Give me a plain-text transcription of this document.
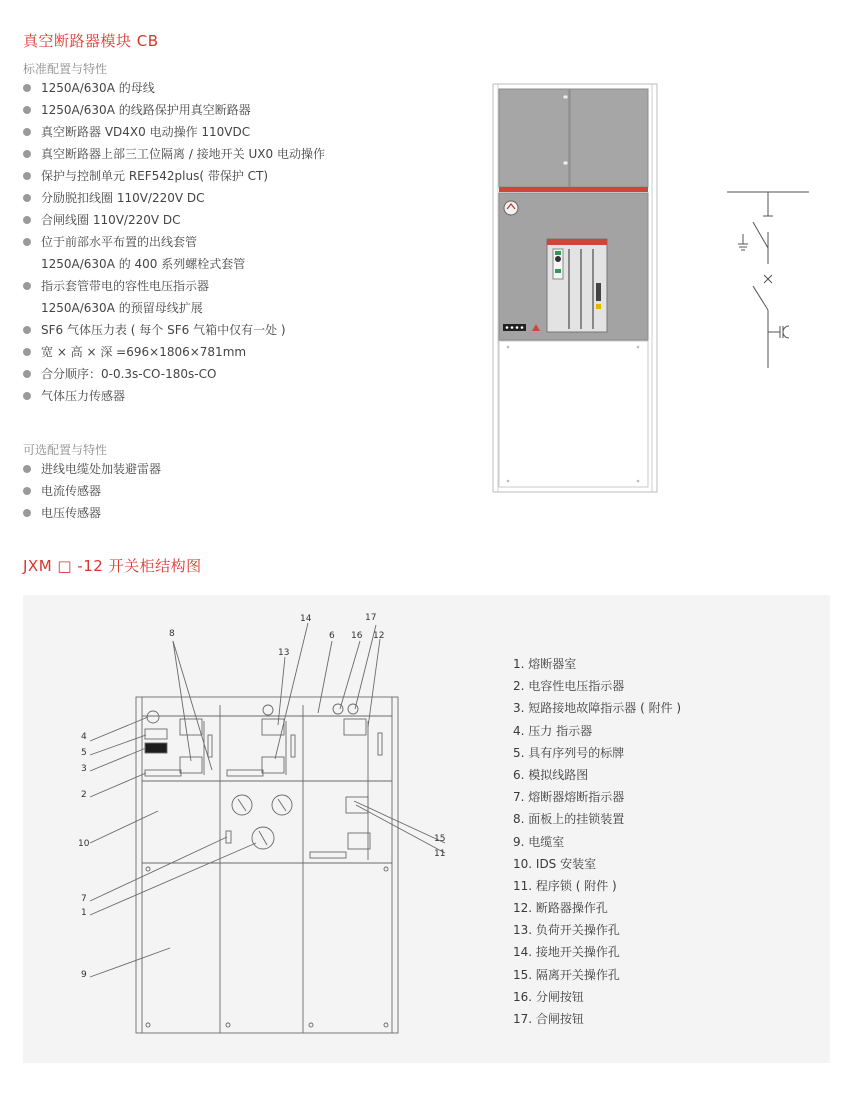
真空断路器模块 CB
标准配置与特性
1250A/630A 的母线
1250A/630A 的线路保护用真空断路器
真空断路器 VD4X0 电动操作 110VDC
真空断路器上部三工位隔离 / 接地开关 UX0 电动操作
保护与控制单元 REF542plus( 带保护 CT)
分励脱扣线圈 110V/220V DC
合闸线圈 110V/220V DC
位于前部水平布置的出线套管
1250A/630A 的 400 系列螺栓式套管
指示套管带电的容性电压指示器
1250A/630A 的预留母线扩展
SF6 气体压力表 ( 每个 SF6 气箱中仅有一处 )
宽 × 高 × 深 =696×1806×781mm
合分顺序：0-0.3s-CO-180s-CO
气体压力传感器
可选配置与特性
进线电缆处加装避雷器
电流传感器
电压传感器
JXM □ -12 开关柜结构图
4
5
3
2
10
7
1
9
8
14
13
6 16
17
12
15
11
1. 熔断器室
2. 电容性电压指示器
3. 短路接地故障指示器 ( 附件 )
4. 压力 指示器
5. 具有序列号的标牌
6. 模拟线路图
7. 熔断器熔断指示器
8. 面板上的挂锁装置
9. 电缆室
10. IDS 安装室
11. 程序锁 ( 附件 )
12. 断路器操作孔
13. 负荷开关操作孔
14. 接地开关操作孔
15. 隔离开关操作孔
16. 分闸按钮
17. 合闸按钮
